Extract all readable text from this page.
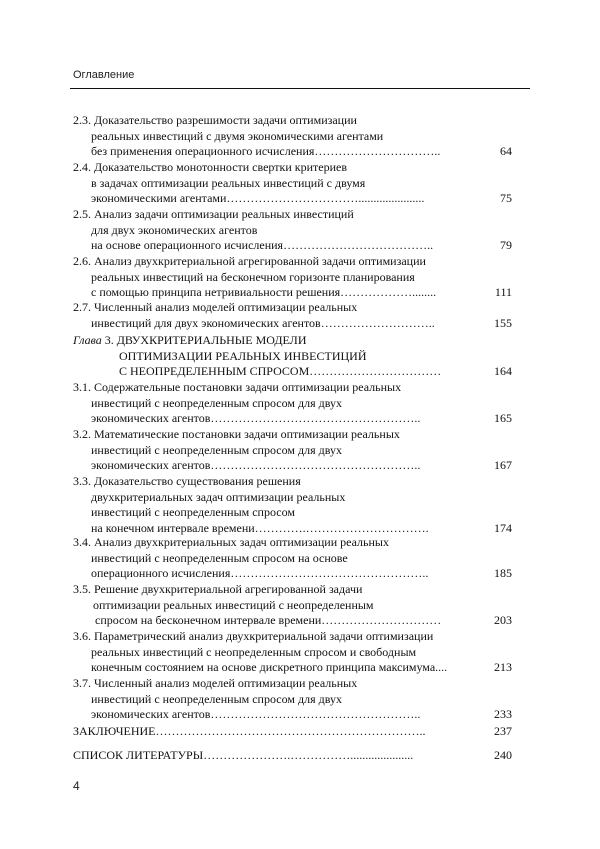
Оглавление
2.3. Доказательство разрешимости задачи оптимизации
реальных инвестиций с двумя экономическими агентами
без применения операционного исчисления…………………………..	64
2.4. Доказательство монотонности свертки критериев
в задачах оптимизации реальных инвестиций с двумя
экономическими агентами……………………………......................	75
2.5. Анализ задачи оптимизации реальных инвестиций
для двух экономических агентов
на основе операционного исчисления………………………………..	79
2.6. Анализ двухкритериальной агрегированной задачи оптимизации
реальных инвестиций на бесконечном горизонте планирования
с помощью принципа нетривиальности решения………………........	111
2.7. Численный анализ моделей оптимизации реальных
инвестиций для двух экономических агентов………………………..	155
Глава 3. ДВУХКРИТЕРИАЛЬНЫЕ МОДЕЛИ
ОПТИМИЗАЦИИ РЕАЛЬНЫХ ИНВЕСТИЦИЙ
С НЕОПРЕДЕЛЕННЫМ СПРОСОМ……………………………	164
3.1. Содержательные постановки задачи оптимизации реальных
инвестиций с неопределенным спросом для двух
экономических агентов……………………………………………..	165
3.2. Математические постановки задачи оптимизации реальных
инвестиций с неопределенным спросом для двух
экономических агентов……………………………………………..	167
3.3. Доказательство существования решения
двухкритериальных задач оптимизации реальных
инвестиций с неопределенным спросом
на конечном интервале времени………….………………………….	174
3.4. Анализ двухкритериальных задач оптимизации реальных
инвестиций с неопределенным спросом на основе
операционного исчисления…………………………………………..	185
3.5. Решение двухкритериальной агрегированной задачи
оптимизации реальных инвестиций с неопределенным
спросом на бесконечном интервале времени…………………………	203
3.6. Параметрический анализ двухкритериальной задачи оптимизации
реальных инвестиций с неопределенным спросом и свободным
конечным состоянием на основе дискретного принципа максимума....	213
3.7. Численный анализ моделей оптимизации реальных
инвестиций с неопределенным спросом для двух
экономических агентов……………………………………………..	233
ЗАКЛЮЧЕНИЕ…………………………………………………………..	237
СПИСОК ЛИТЕРАТУРЫ………………….…………….....................	240
4
